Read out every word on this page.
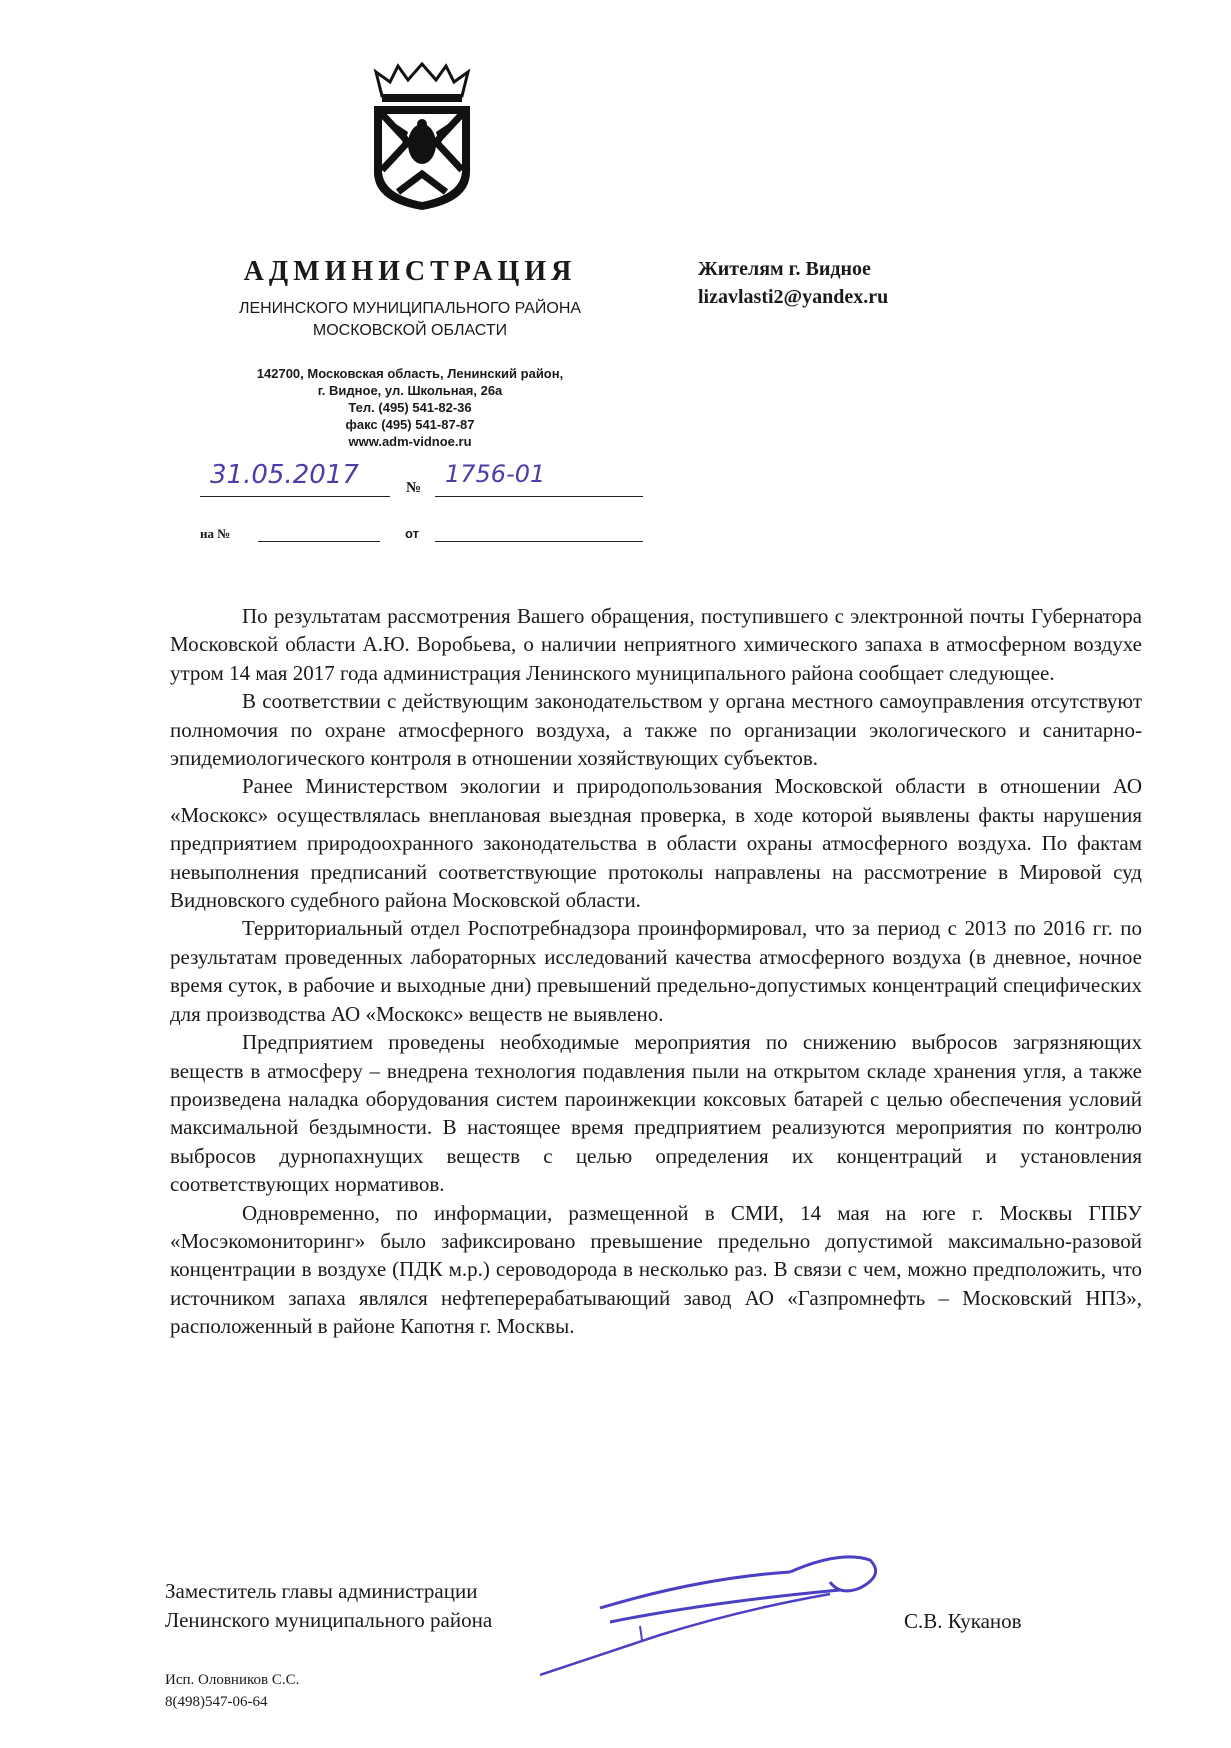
АДМИНИСТРАЦИЯ
ЛЕНИНСКОГО МУНИЦИПАЛЬНОГО РАЙОНА
МОСКОВСКОЙ ОБЛАСТИ
142700, Московская область, Ленинский район,
г. Видное, ул. Школьная, 26а
Тел. (495) 541-82-36
факс (495) 541-87-87
www.adm-vidnoe.ru
31.05.2017	№ 1756-01
на №	от
Жителям г. Видное
lizavlasti2@yandex.ru

По результатам рассмотрения Вашего обращения, поступившего с электронной почты Губернатора Московской области А.Ю. Воробьева, о наличии неприятного химического запаха в атмосферном воздухе утром 14 мая 2017 года администрация Ленинского муниципального района сообщает следующее.

В соответствии с действующим законодательством у органа местного самоуправления отсутствуют полномочия по охране атмосферного воздуха, а также по организации экологического и санитарно-эпидемиологического контроля в отношении хозяйствующих субъектов.

Ранее Министерством экологии и природопользования Московской области в отношении АО «Москокс» осуществлялась внеплановая выездная проверка, в ходе которой выявлены факты нарушения предприятием природоохранного законодательства в области охраны атмосферного воздуха. По фактам невыполнения предписаний соответствующие протоколы направлены на рассмотрение в Мировой суд Видновского судебного района Московской области.

Территориальный отдел Роспотребнадзора проинформировал, что за период с 2013 по 2016 гг. по результатам проведенных лабораторных исследований качества атмосферного воздуха (в дневное, ночное время суток, в рабочие и выходные дни) превышений предельно-допустимых концентраций специфических для производства АО «Москокс» веществ не выявлено.

Предприятием проведены необходимые мероприятия по снижению выбросов загрязняющих веществ в атмосферу – внедрена технология подавления пыли на открытом складе хранения угля, а также произведена наладка оборудования систем пароинжекции коксовых батарей с целью обеспечения условий максимальной бездымности. В настоящее время предприятием реализуются мероприятия по контролю выбросов дурнопахнущих веществ с целью определения их концентраций и установления соответствующих нормативов.

Одновременно, по информации, размещенной в СМИ, 14 мая на юге г. Москвы ГПБУ «Мосэкомониторинг» было зафиксировано превышение предельно допустимой максимально-разовой концентрации в воздухе (ПДК м.р.) сероводорода в несколько раз. В связи с чем, можно предположить, что источником запаха являлся нефтеперерабатывающий завод АО «Газпромнефть – Московский НПЗ», расположенный в районе Капотня г. Москвы.

Заместитель главы администрации
Ленинского муниципального района	С.В. Куканов
Исп. Оловников С.С.
8(498)547-06-64
